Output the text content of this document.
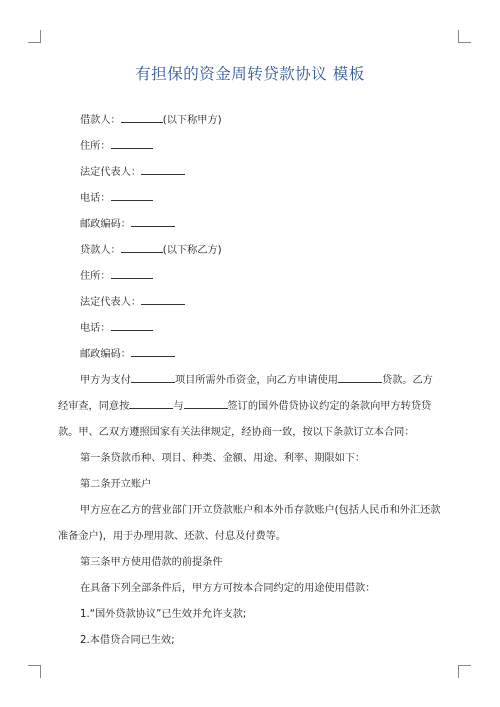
有担保的资金周转贷款协议 模板

借款人：	(以下称甲方)

住所：

法定代表人：

电话：

邮政编码：

贷款人：	(以下称乙方)

住所：

法定代表人：

电话：

邮政编码：

甲方为支付	项目所需外币资金，向乙方申请使用	贷款。乙方经审查，同意按	与	签订的国外借贷协议约定的条款向甲方转贷贷款。甲、乙双方遵照国家有关法律规定，经协商一致，按以下条款订立本合同：

第一条贷款币种、项目、种类、金额、用途、利率、期限如下：

第二条开立账户

甲方应在乙方的营业部门开立贷款账户和本外币存款账户(包括人民币和外汇还款准备金户)，用于办理用款、还款、付息及付费等。

第三条甲方使用借款的前提条件

在具备下列全部条件后，甲方方可按本合同约定的用途使用借款：

1.“国外贷款协议”已生效并允许支款;

2.本借贷合同已生效;
